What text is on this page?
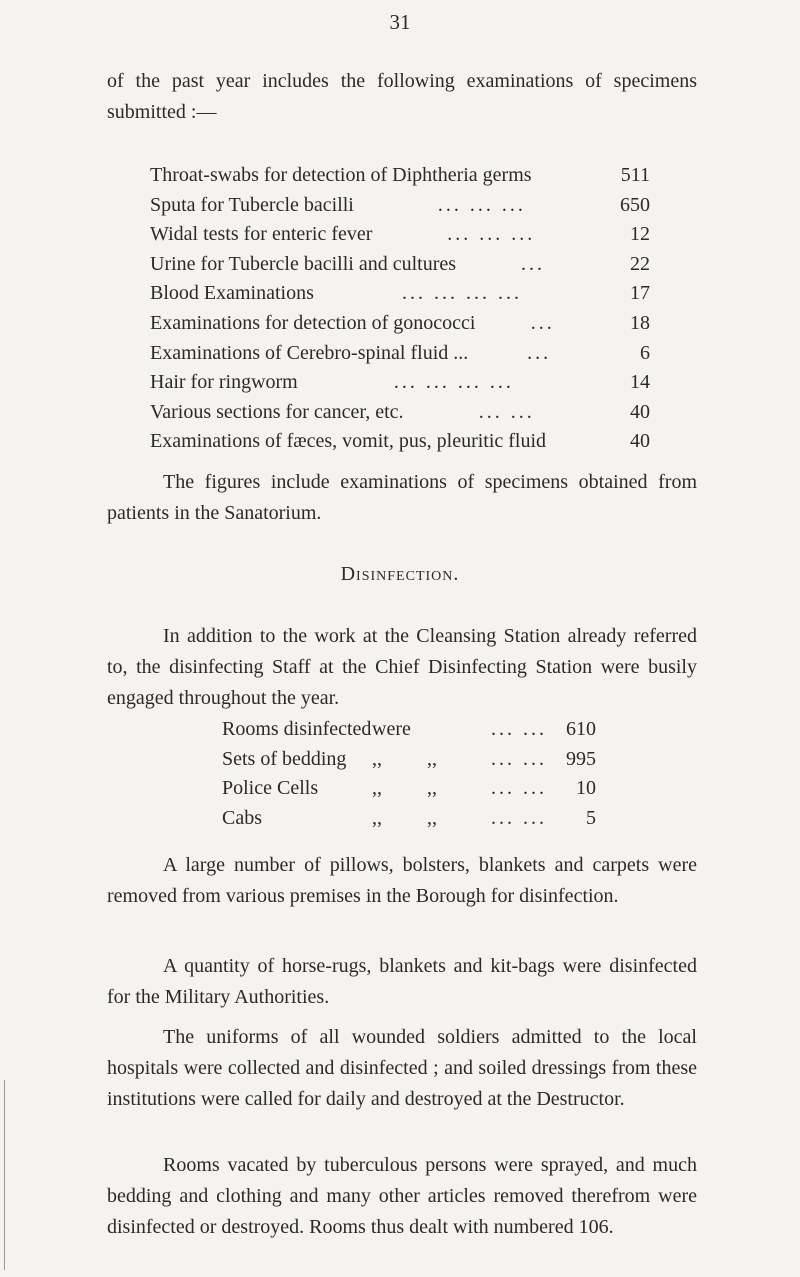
31
of the past year includes the following examinations of specimens submitted :—
Throat-swabs for detection of Diphtheria germs	511
Sputa for Tubercle bacilli	... ... ...	650
Widal tests for enteric fever	... ... ...	12
Urine for Tubercle bacilli and cultures	...	22
Blood Examinations	... ... ... ...	17
Examinations for detection of gonococci	...	18
Examinations of Cerebro-spinal fluid ...	...	6
Hair for ringworm	... ... ... ...	14
Various sections for cancer, etc.	... ...	40
Examinations of fæces, vomit, pus, pleuritic fluid	40
The figures include examinations of specimens obtained from patients in the Sanatorium.
Disinfection.
In addition to the work at the Cleansing Station already referred to, the disinfecting Staff at the Chief Disinfecting Station were busily engaged throughout the year.
Rooms disinfected were	... ... 610
Sets of bedding	,,	,,	... ... 995
Police Cells	,,	,,	... ...	10
Cabs	,,	,,	... ...	5
A large number of pillows, bolsters, blankets and carpets were removed from various premises in the Borough for disinfection.
A quantity of horse-rugs, blankets and kit-bags were disinfected for the Military Authorities.
The uniforms of all wounded soldiers admitted to the local hospitals were collected and disinfected ; and soiled dressings from these institutions were called for daily and destroyed at the Destructor.
Rooms vacated by tuberculous persons were sprayed, and much bedding and clothing and many other articles removed therefrom were disinfected or destroyed. Rooms thus dealt with numbered 106.
